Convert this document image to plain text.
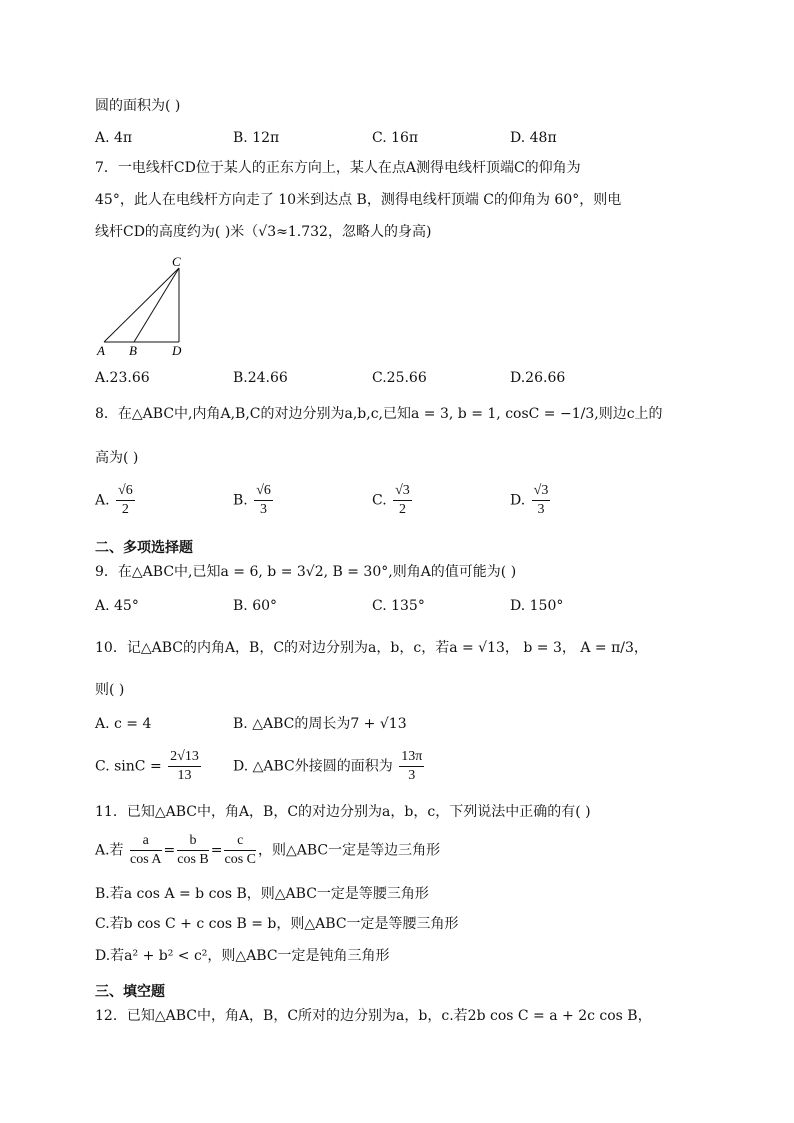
圆的面积为( )
A. 4π	B. 12π	C. 16π	D. 48π
7．一电线杆CD位于某人的正东方向上，某人在点A测得电线杆顶端C的仰角为
45°，此人在电线杆方向走了 10米到达点 B，测得电线杆顶端 C的仰角为 60°，则电
线杆CD的高度约为( )米（√3≈1.732，忽略人的身高)
C
A B	D
A.23.66	B.24.66	C.25.66	D.26.66
8．在△ABC中,内角A,B,C的对边分别为a,b,c,已知a = 3, b = 1, cosC = −1/3,则边c上的
高为( )
A. $\frac{√6}{2}$	B. $\frac{√6}{3}$	C. $\frac{√3}{2}$	D. $\frac{√3}{3}$
二、多项选择题
9．在△ABC中,已知a = 6, b = 3√2, B = 30°,则角A的值可能为( )
A. 45°	B. 60°	C. 135°	D. 150°
10．记△ABC的内角A，B，C的对边分别为a，b，c，若a = √13， b = 3， A = π/3，
则( )
A. c = 4	B. △ABC的周长为7 + √13
C. $\sin C = \frac{2√13}{13} D$. △ABC外接圆的面积为 $\frac{13\pi}{3}$
11．已知△ABC中，角A，B，C的对边分别为a，b，c，下列说法中正确的有( )
A.若 $\frac{a}{\text{cos A}} = \frac{b}{\text{cos B}} = \frac{c}{\text{cos C}}$ ，则△ABC一定是等边三角形
B.若a cos A = b cos B，则△ABC一定是等腰三角形
C.若b cos C + c cos B = b，则△ABC一定是等腰三角形
D.若a² + b² < c²，则△ABC一定是钝角三角形
三、填空题
12．已知△ABC中，角A，B，C所对的边分别为a，b，c.若2b cos C = a + 2c cos B，
